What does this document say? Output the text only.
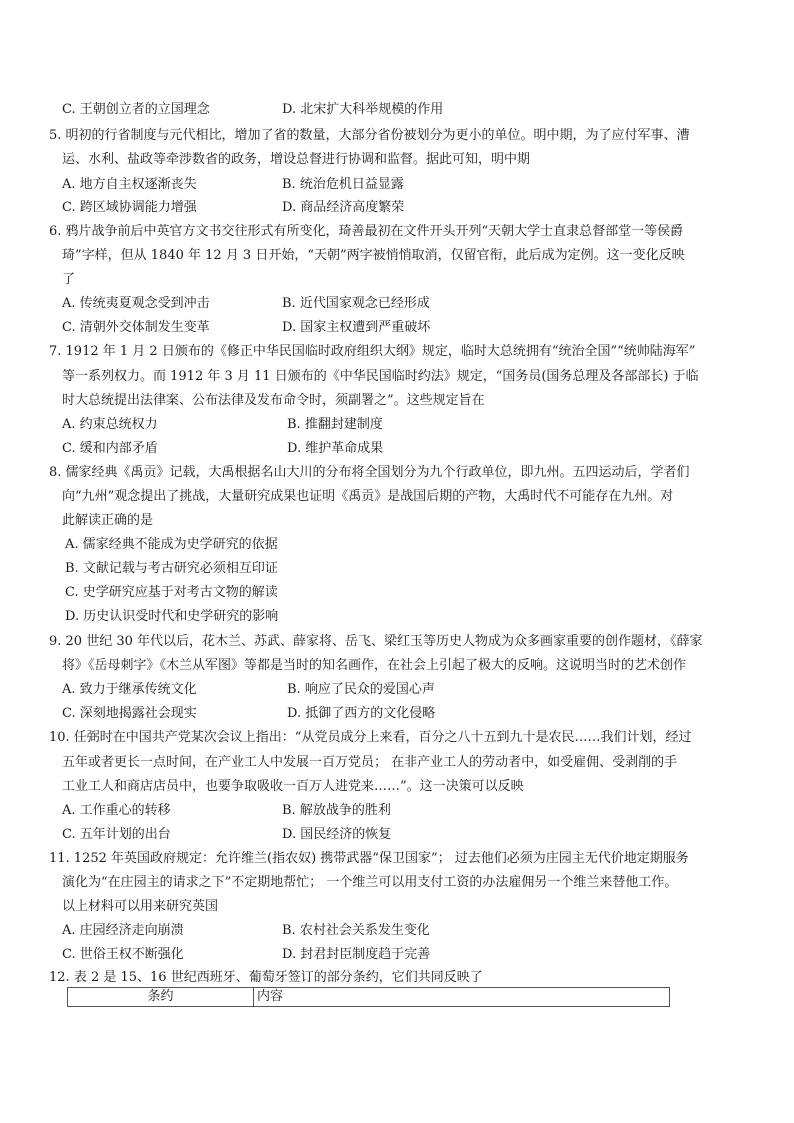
C. 王朝创立者的立国理念	D. 北宋扩大科举规模的作用
5. 明初的行省制度与元代相比，增加了省的数量，大部分省份被划分为更小的单位。明中期，为了应付军事、漕
运、水利、盐政等牵涉数省的政务，增设总督进行协调和监督。据此可知，明中期
A. 地方自主权逐渐丧失	B. 统治危机日益显露
C. 跨区域协调能力增强	D. 商品经济高度繁荣
6. 鸦片战争前后中英官方文书交往形式有所变化，琦善最初在文件开头开列“天朝大学士直隶总督部堂一等侯爵
琦”字样，但从 1840 年 12 月 3 日开始，“天朝”两字被悄悄取消，仅留官衔，此后成为定例。这一变化反映
了
A. 传统夷夏观念受到冲击	B. 近代国家观念已经形成
C. 清朝外交体制发生变革	D. 国家主权遭到严重破坏
7. 1912 年 1 月 2 日颁布的《修正中华民国临时政府组织大纲》规定，临时大总统拥有“统治全国”“统帅陆海军”
等一系列权力。而 1912 年 3 月 11 日颁布的《中华民国临时约法》规定，“国务员(国务总理及各部部长) 于临
时大总统提出法律案、公布法律及发布命令时，须副署之”。这些规定旨在
A. 约束总统权力	B. 推翻封建制度
C. 缓和内部矛盾	D. 维护革命成果
8. 儒家经典《禹贡》记载，大禹根据名山大川的分布将全国划分为九个行政单位，即九州。五四运动后，学者们
向“九州”观念提出了挑战，大量研究成果也证明《禹贡》是战国后期的产物，大禹时代不可能存在九州。对
此解读正确的是
A. 儒家经典不能成为史学研究的依据
B. 文献记载与考古研究必须相互印证
C. 史学研究应基于对考古文物的解读
D. 历史认识受时代和史学研究的影响
9. 20 世纪 30 年代以后，花木兰、苏武、薛家将、岳飞、梁红玉等历史人物成为众多画家重要的创作题材，《薛家
将》《岳母刺字》《木兰从军图》等都是当时的知名画作，在社会上引起了极大的反响。这说明当时的艺术创作
A. 致力于继承传统文化	B. 响应了民众的爱国心声
C. 深刻地揭露社会现实	D. 抵御了西方的文化侵略
10. 任弼时在中国共产党某次会议上指出：“从党员成分上来看，百分之八十五到九十是农民……我们计划，经过
五年或者更长一点时间，在产业工人中发展一百万党员； 在非产业工人的劳动者中，如受雇佣、受剥削的手
工业工人和商店店员中，也要争取吸收一百万人进党来……”。这一决策可以反映
A. 工作重心的转移	B. 解放战争的胜利
C. 五年计划的出台	D. 国民经济的恢复
11. 1252 年英国政府规定：允许维兰(指农奴) 携带武器“保卫国家”； 过去他们必须为庄园主无代价地定期服务
演化为“在庄园主的请求之下”不定期地帮忙； 一个维兰可以用支付工资的办法雇佣另一个维兰来替他工作。
以上材料可以用来研究英国
A. 庄园经济走向崩溃	B. 农村社会关系发生变化
C. 世俗王权不断强化	D. 封君封臣制度趋于完善
12. 表 2 是 15、16 世纪西班牙、葡萄牙签订的部分条约，它们共同反映了
条约	内容
